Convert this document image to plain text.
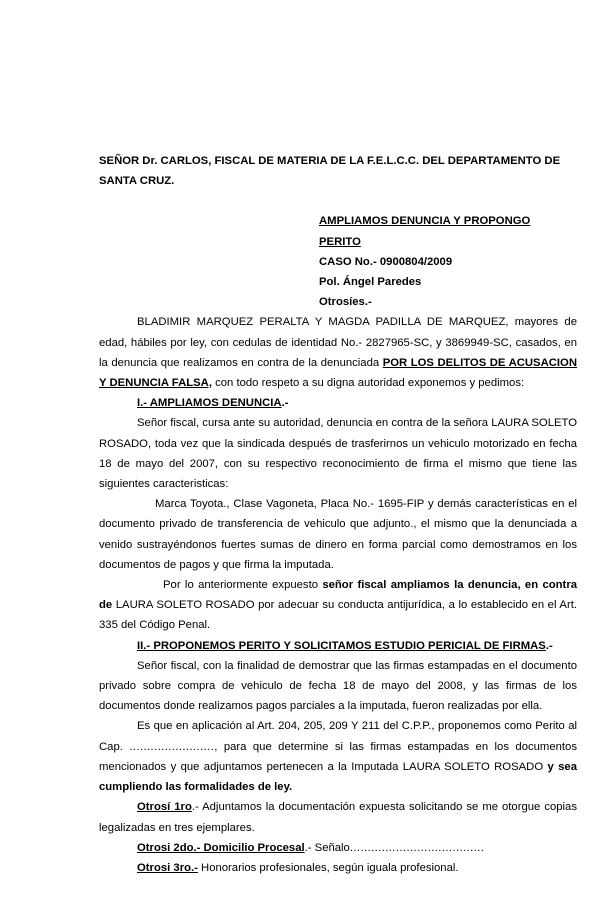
SEÑOR Dr. CARLOS, FISCAL DE MATERIA DE LA F.E.L.C.C. DEL DEPARTAMENTO DE SANTA CRUZ.

AMPLIAMOS DENUNCIA Y PROPONGO
PERITO
CASO No.- 0900804/2009
Pol. Ángel Paredes
Otrosíes.-

BLADIMIR MARQUEZ PERALTA Y MAGDA PADILLA DE MARQUEZ, mayores de edad, hábiles por ley, con cedulas de identidad No.- 2827965-SC, y 3869949-SC, casados, en la denuncia que realizamos en contra de la denunciada POR LOS DELITOS DE ACUSACION Y DENUNCIA FALSA, con todo respeto a su digna autoridad exponemos y pedimos:

I.- AMPLIAMOS DENUNCIA.-

Señor fiscal, cursa ante su autoridad, denuncia en contra de la señora LAURA SOLETO ROSADO, toda vez que la sindicada después de trasferirnos un vehiculo motorizado en fecha 18 de mayo del 2007, con su respectivo reconocimiento de firma el mismo que tiene las siguientes caracteristicas:

Marca Toyota., Clase Vagoneta, Placa No.- 1695-FIP y demás características en el documento privado de transferencia de vehiculo que adjunto., el mismo que la denunciada a venido sustrayéndonos fuertes sumas de dinero en forma parcial como demostramos en los documentos de pagos y que firma la imputada.

Por lo anteriormente expuesto señor fiscal ampliamos la denuncia, en contra de LAURA SOLETO ROSADO por adecuar su conducta antijurídica, a lo establecido en el Art. 335 del Código Penal.

II.- PROPONEMOS PERITO Y SOLICITAMOS ESTUDIO PERICIAL DE FIRMAS.-

Señor fiscal, con la finalidad de demostrar que las firmas estampadas en el documento privado sobre compra de vehiculo de fecha 18 de mayo del 2008, y las firmas de los documentos donde realizamos pagos parciales a la imputada, fueron realizadas por ella.

Es que en aplicación al Art. 204, 205, 209 Y 211 del C.P.P., proponemos como Perito al Cap. ........................, para que determine si las firmas estampadas en los documentos mencionados y que adjuntamos pertenecen a la Imputada LAURA SOLETO ROSADO y sea cumpliendo las formalidades de ley.

Otrosí 1ro.- Adjuntamos la documentación expuesta solicitando se me otorgue copias legalizadas en tres ejemplares.

Otrosi 2do.- Domicilio Procesal.- Señalo......................................

Otrosi 3ro.- Honorarios profesionales, según iguala profesional.
